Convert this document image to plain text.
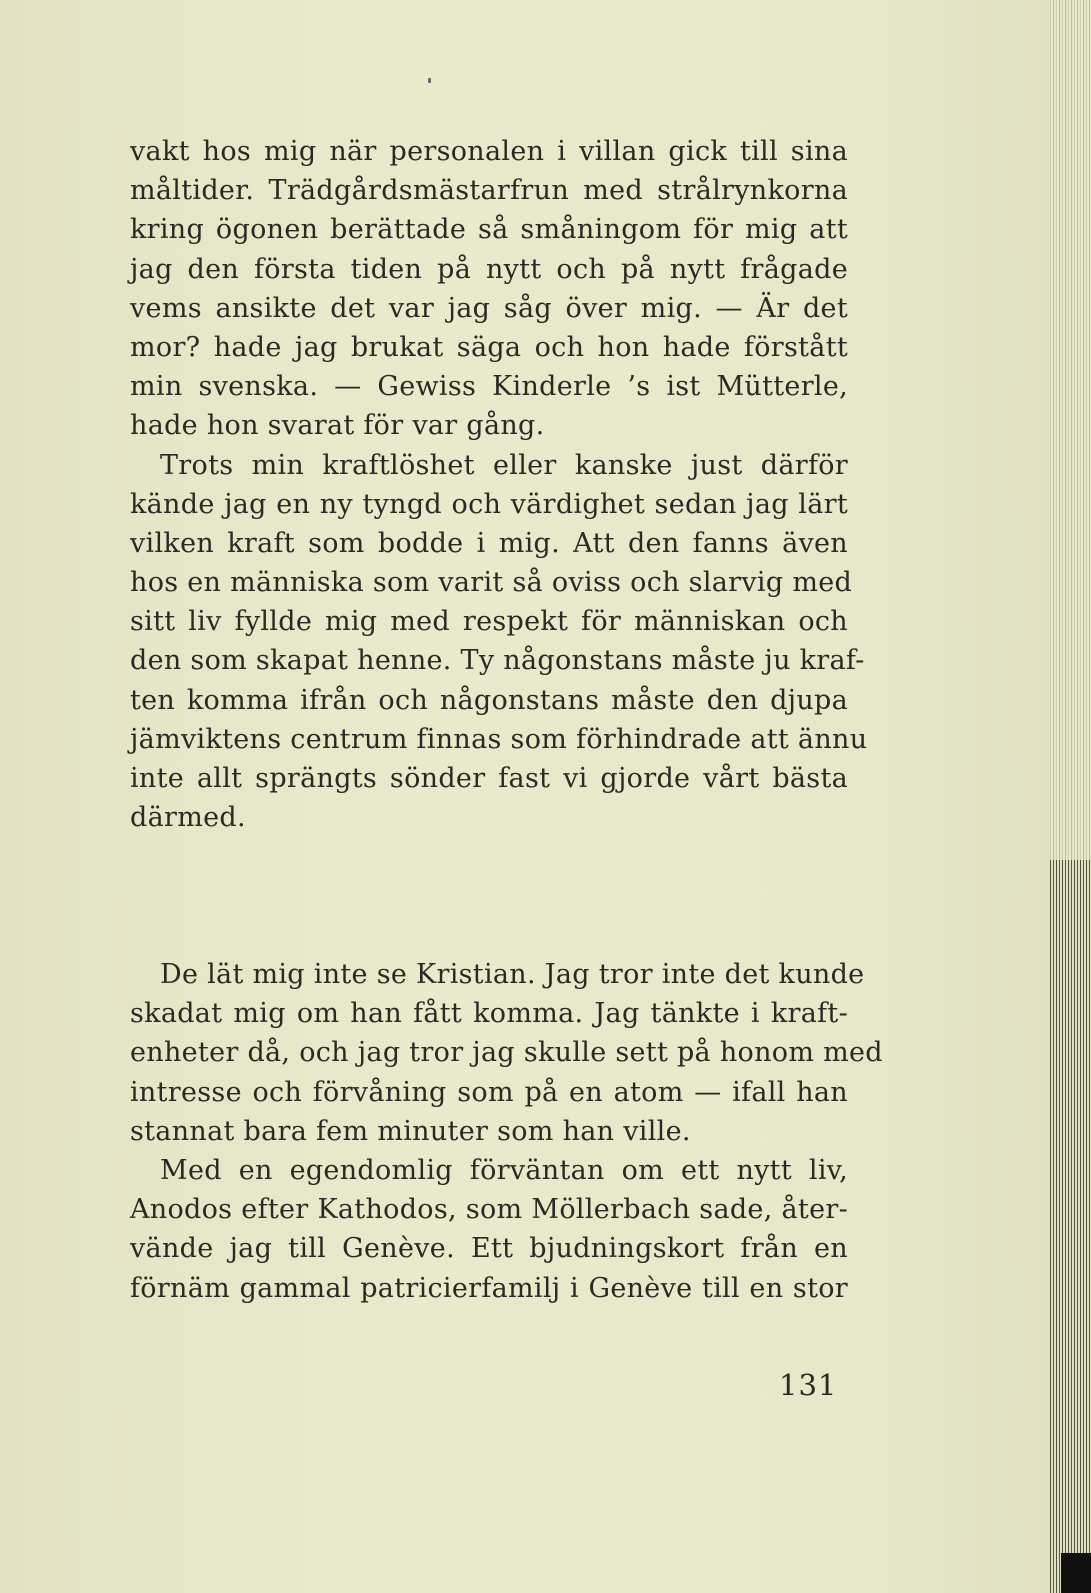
vakt hos mig när personalen i villan gick till sina
måltider. Trädgårdsmästarfrun med strålrynkorna
kring ögonen berättade så småningom för mig att
jag den första tiden på nytt och på nytt frågade
vems ansikte det var jag såg över mig. — Är det
mor? hade jag brukat säga och hon hade förstått
min svenska. — Gewiss Kinderle ’s ist Mütterle,
hade hon svarat för var gång.
Trots min kraftlöshet eller kanske just därför
kände jag en ny tyngd och värdighet sedan jag lärt
vilken kraft som bodde i mig. Att den fanns även
hos en människa som varit så oviss och slarvig med
sitt liv fyllde mig med respekt för människan och
den som skapat henne. Ty någonstans måste ju kraf-
ten komma ifrån och någonstans måste den djupa
jämviktens centrum finnas som förhindrade att ännu
inte allt sprängts sönder fast vi gjorde vårt bästa
därmed.
De lät mig inte se Kristian. Jag tror inte det kunde
skadat mig om han fått komma. Jag tänkte i kraft-
enheter då, och jag tror jag skulle sett på honom med
intresse och förvåning som på en atom — ifall han
stannat bara fem minuter som han ville.
Med en egendomlig förväntan om ett nytt liv,
Anodos efter Kathodos, som Möllerbach sade, åter-
vände jag till Genève. Ett bjudningskort från en
förnäm gammal patricierfamilj i Genève till en stor
131
